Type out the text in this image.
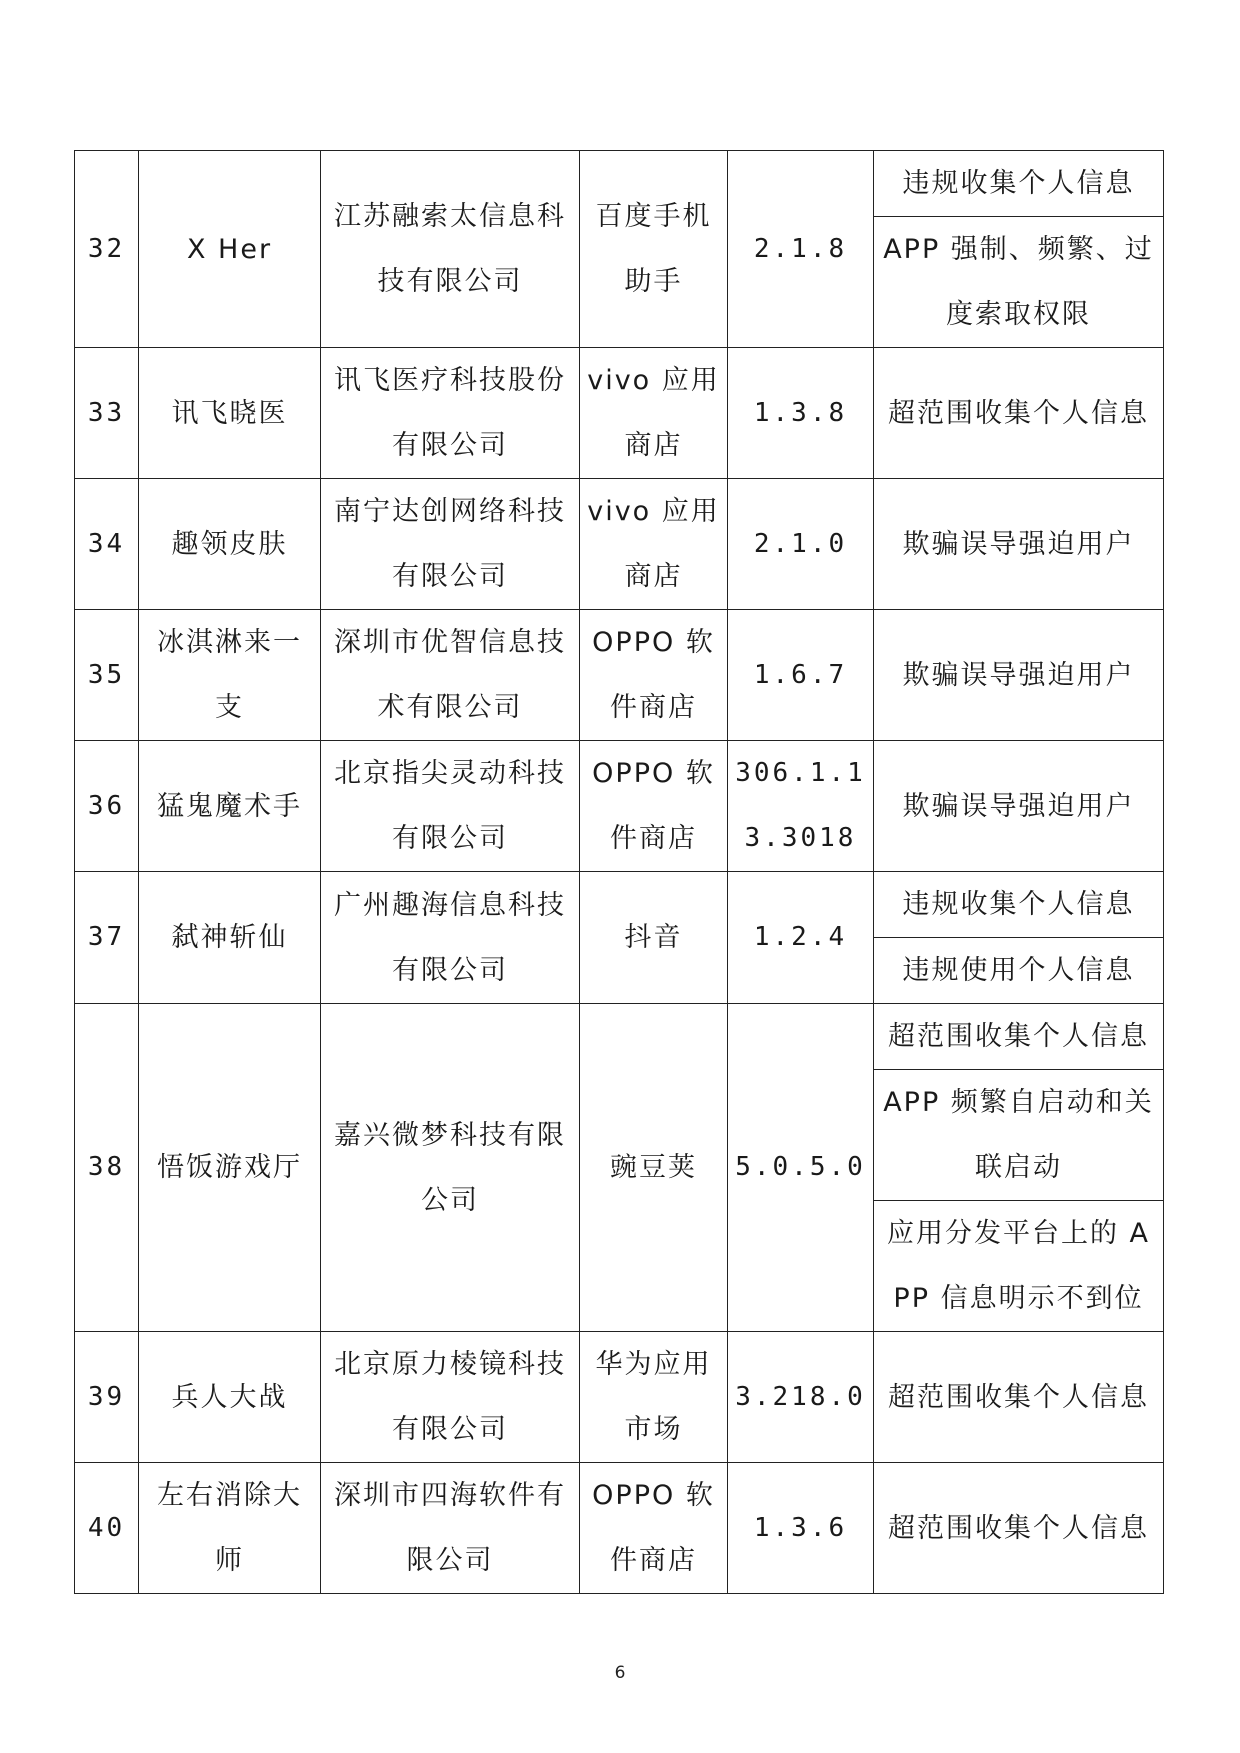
32	X Her	江苏融索太信息科技有限公司	百度手机助手	2.1.8	违规收集个人信息
					APP 强制、频繁、过度索取权限
33	讯飞晓医	讯飞医疗科技股份有限公司	vivo 应用商店	1.3.8	超范围收集个人信息
34	趣领皮肤	南宁达创网络科技有限公司	vivo 应用商店	2.1.0	欺骗误导强迫用户
35	冰淇淋来一支	深圳市优智信息技术有限公司	OPPO 软件商店	1.6.7	欺骗误导强迫用户
36	猛鬼魔术手	北京指尖灵动科技有限公司	OPPO 软件商店	306.1.13.3018	欺骗误导强迫用户
37	弑神斩仙	广州趣海信息科技有限公司	抖音	1.2.4	违规收集个人信息
					违规使用个人信息
38	悟饭游戏厅	嘉兴微梦科技有限公司	豌豆荚	5.0.5.0	超范围收集个人信息
					APP 频繁自启动和关联启动
					应用分发平台上的 APP 信息明示不到位
39	兵人大战	北京原力棱镜科技有限公司	华为应用市场	3.218.0	超范围收集个人信息
40	左右消除大师	深圳市四海软件有限公司	OPPO 软件商店	1.3.6	超范围收集个人信息
6
